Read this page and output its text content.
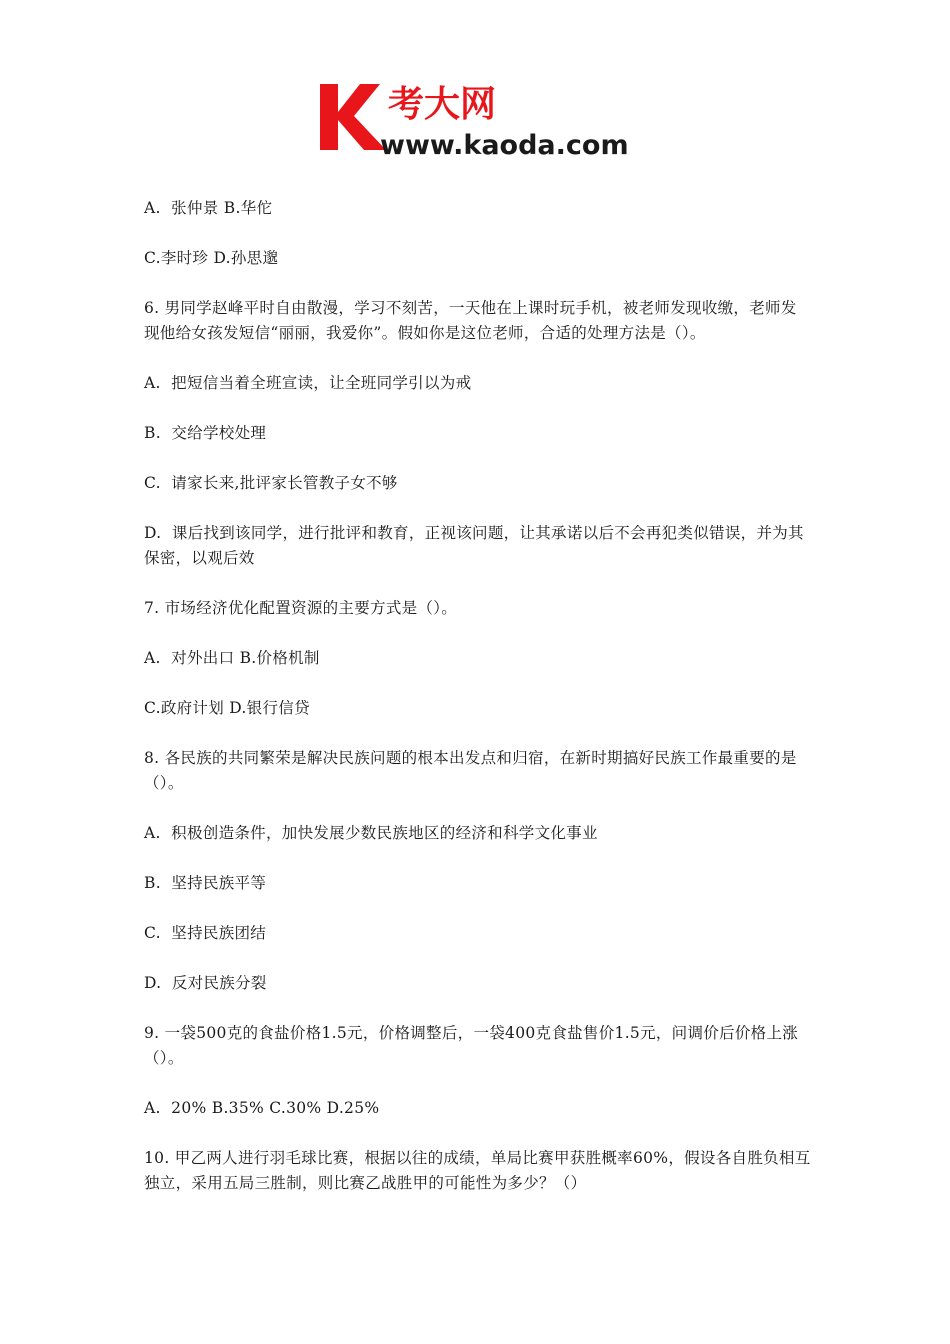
考大网
www.kaoda.com

A.  张仲景 B.华佗

C.李时珍 D.孙思邈

6. 男同学赵峰平时自由散漫，学习不刻苦，一天他在上课时玩手机，被老师发现收缴，老师发现他给女孩发短信“丽丽，我爱你”。假如你是这位老师，合适的处理方法是（）。

A.  把短信当着全班宣读，让全班同学引以为戒

B.  交给学校处理

C.  请家长来,批评家长管教子女不够

D.  课后找到该同学，进行批评和教育，正视该问题，让其承诺以后不会再犯类似错误，并为其保密，以观后效

7. 市场经济优化配置资源的主要方式是（）。

A.  对外出口 B.价格机制

C.政府计划 D.银行信贷

8. 各民族的共同繁荣是解决民族问题的根本出发点和归宿，在新时期搞好民族工作最重要的是（）。

A.  积极创造条件，加快发展少数民族地区的经济和科学文化事业

B.  坚持民族平等

C.  坚持民族团结

D.  反对民族分裂

9. 一袋500克的食盐价格1.5元，价格调整后，一袋400克食盐售价1.5元，问调价后价格上涨（）。

A.  20% B.35% C.30% D.25%

10. 甲乙两人进行羽毛球比赛，根据以往的成绩，单局比赛甲获胜概率60%，假设各自胜负相互独立，采用五局三胜制，则比赛乙战胜甲的可能性为多少？（）
